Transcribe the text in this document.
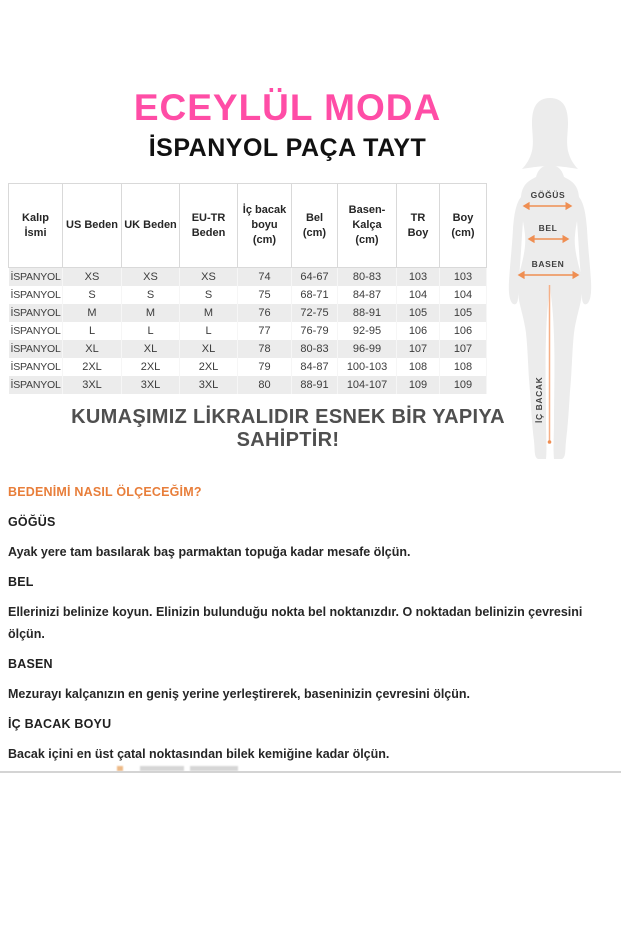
ECEYLÜL MODA
İSPANYOL PAÇA TAYT
Kalıp İsmi	US Beden	UK Beden	EU-TR Beden	İç bacak boyu (cm)	Bel (cm)	Basen-Kalça (cm)	TR Boy	Boy (cm)
İSPANYOL	XS	XS	XS	74	64-67	80-83	103	103
İSPANYOL	S	S	S	75	68-71	84-87	104	104
İSPANYOL	M	M	M	76	72-75	88-91	105	105
İSPANYOL	L	L	L	77	76-79	92-95	106	106
İSPANYOL	XL	XL	XL	78	80-83	96-99	107	107
İSPANYOL	2XL	2XL	2XL	79	84-87	100-103	108	108
İSPANYOL	3XL	3XL	3XL	80	88-91	104-107	109	109
GÖĞÜS
BEL
BASEN
İÇ BACAK
KUMAŞIMIZ LİKRALIDIR ESNEK BİR YAPIYA SAHİPTİR!
BEDENİMİ NASIL ÖLÇECEĞİM?
GÖĞÜS
Ayak yere tam basılarak baş parmaktan topuğa kadar mesafe ölçün.
BEL
Ellerinizi belinize koyun. Elinizin bulunduğu nokta bel noktanızdır. O noktadan belinizin çevresini ölçün.
BASEN
Mezurayı kalçanızın en geniş yerine yerleştirerek, baseninizin çevresini ölçün.
İÇ BACAK BOYU
Bacak içini en üst çatal noktasından bilek kemiğine kadar ölçün.
